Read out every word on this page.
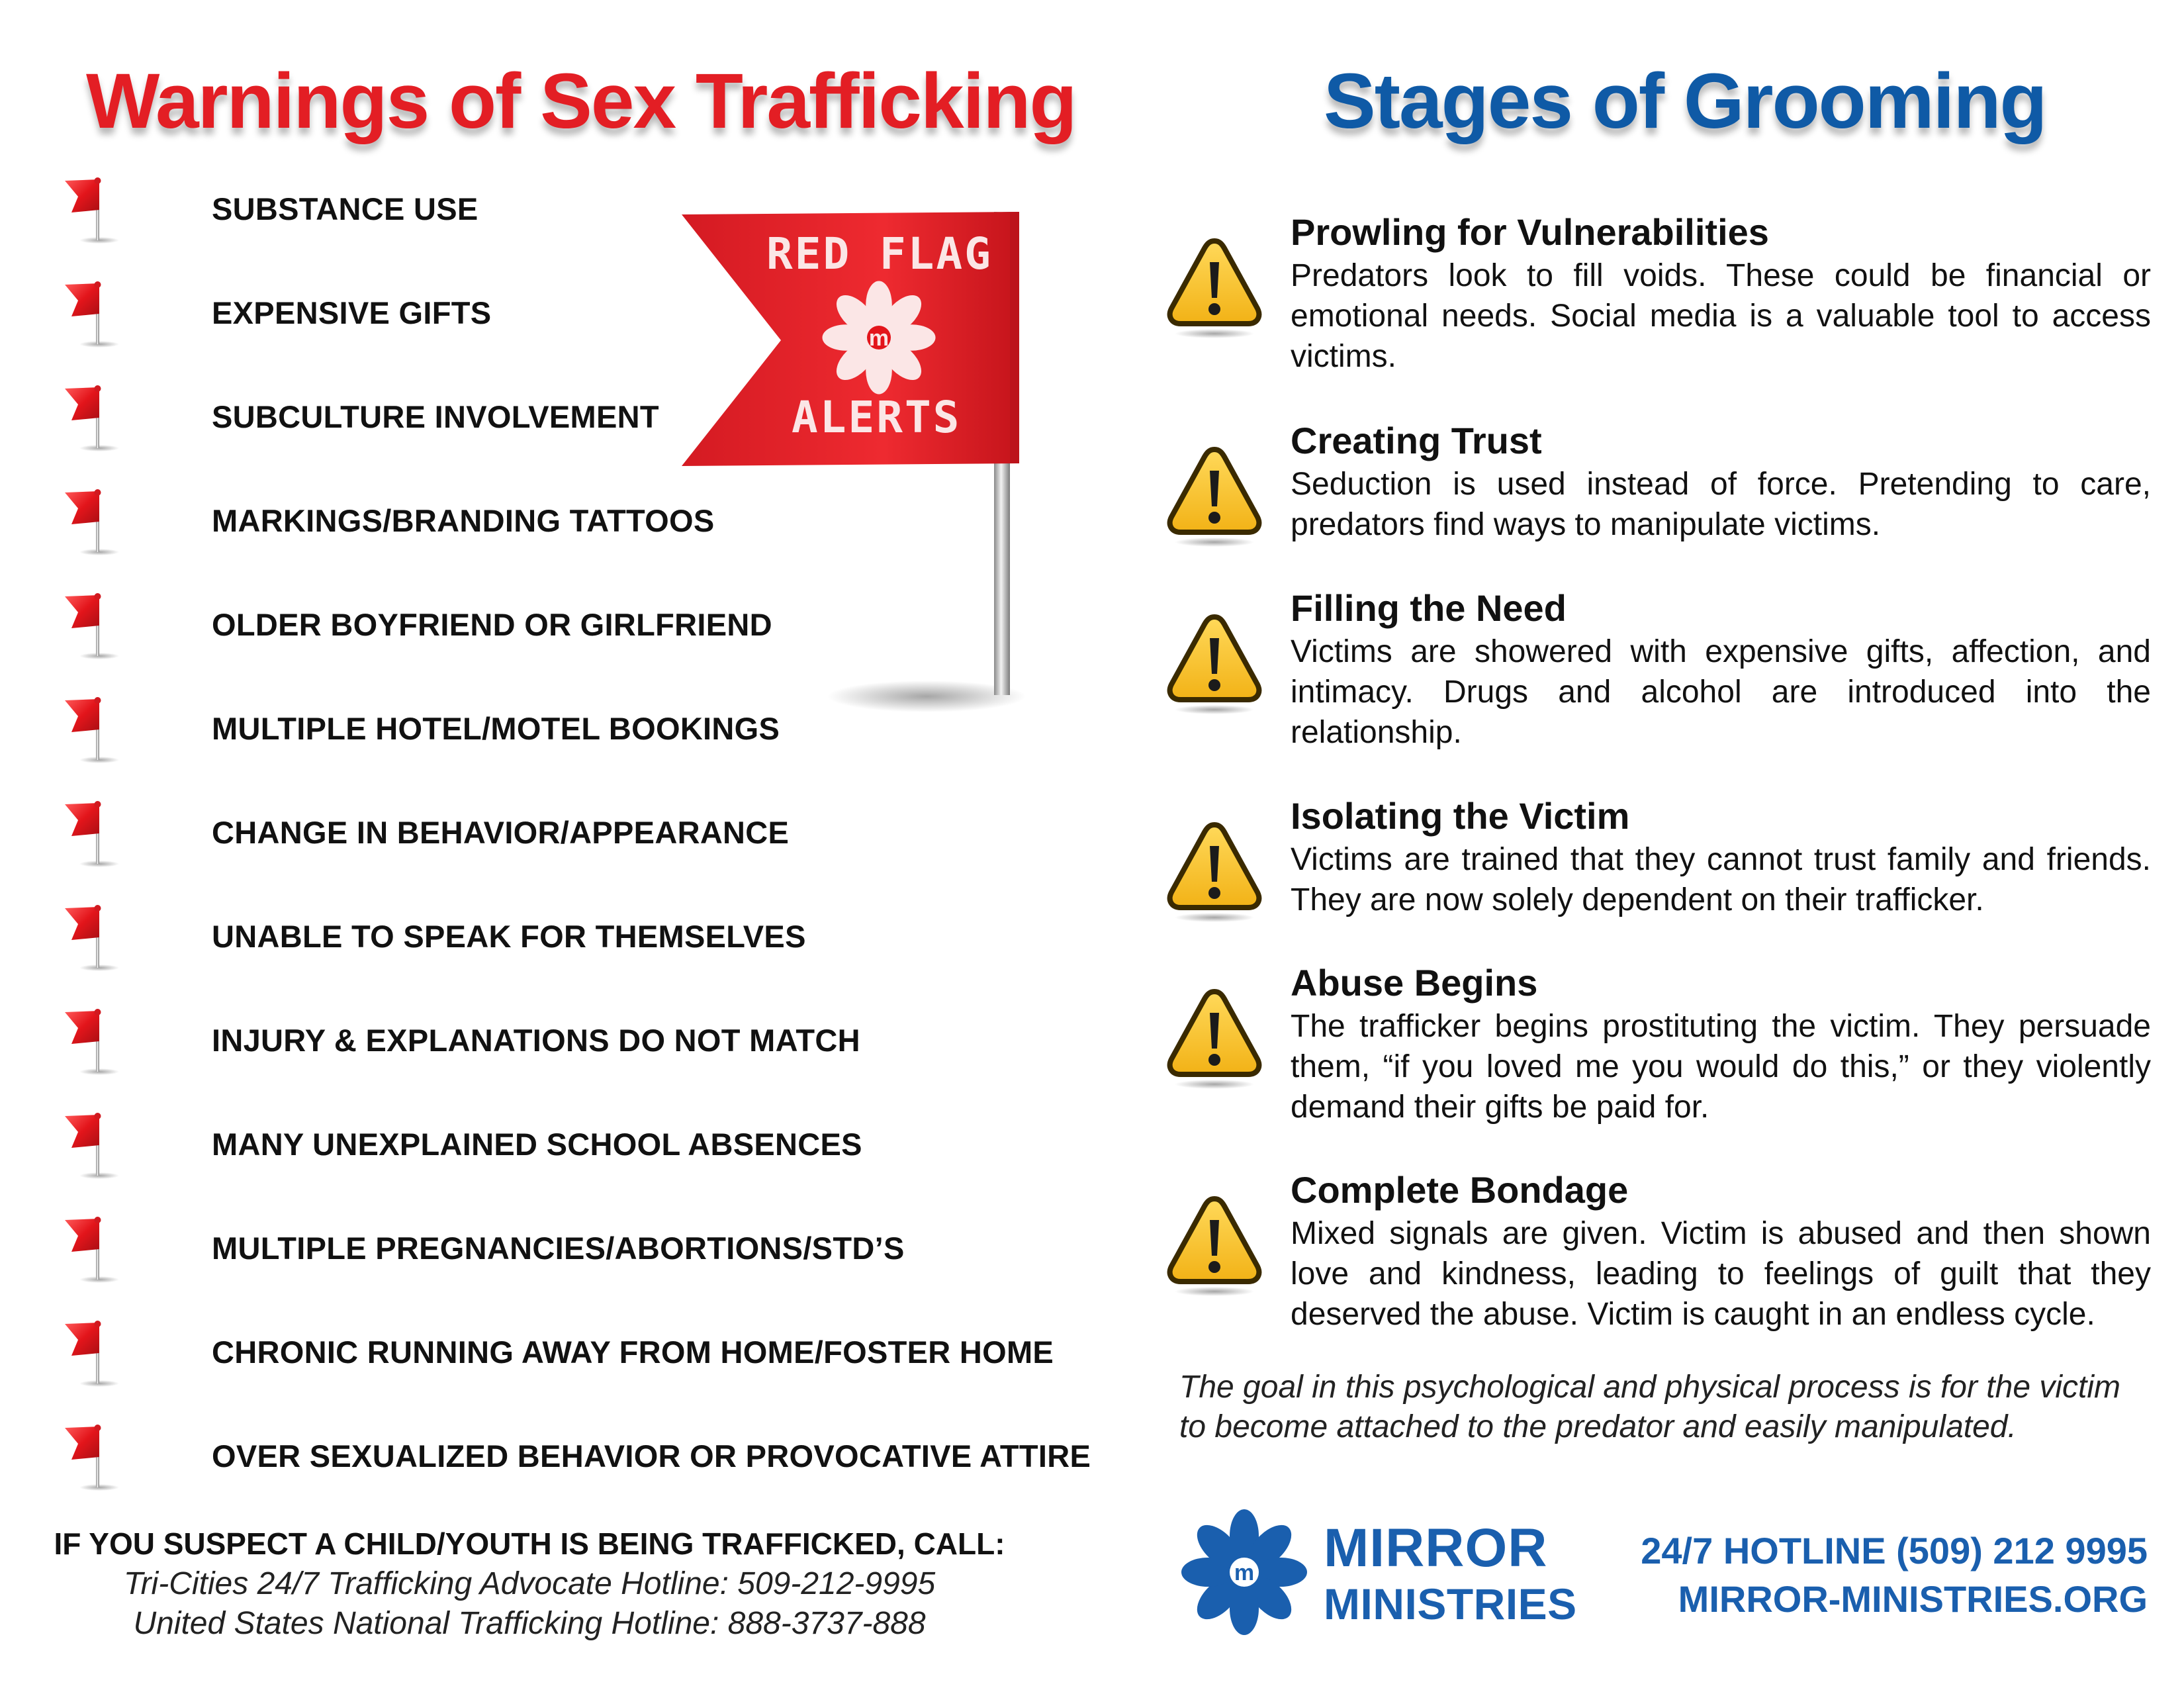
Warnings of Sex Trafficking	Stages of Grooming
SUBSTANCE USE
EXPENSIVE GIFTS
SUBCULTURE INVOLVEMENT
MARKINGS/BRANDING TATTOOS
OLDER BOYFRIEND OR GIRLFRIEND
MULTIPLE HOTEL/MOTEL BOOKINGS
CHANGE IN BEHAVIOR/APPEARANCE
UNABLE TO SPEAK FOR THEMSELVES
INJURY & EXPLANATIONS DO NOT MATCH
MANY UNEXPLAINED SCHOOL ABSENCES
MULTIPLE PREGNANCIES/ABORTIONS/STD’S
CHRONIC RUNNING AWAY FROM HOME/FOSTER HOME
OVER SEXUALIZED BEHAVIOR OR PROVOCATIVE ATTIRE
m
RED FLAG
ALERTS
IF YOU SUSPECT A CHILD/YOUTH IS BEING TRAFFICKED, CALL:
Tri-Cities 24/7 Trafficking Advocate Hotline: 509-212-9995
United States National Trafficking Hotline: 888-3737-888
Prowling for Vulnerabilities
Predators look to fill voids. These could be financial or emotional needs. Social media is a valuable tool to access victims.
Creating Trust
Seduction is used instead of force. Pretending to care, predators find ways to manipulate victims.
Filling the Need
Victims are showered with expensive gifts, affection, and intimacy. Drugs and alcohol are introduced into the relationship.
Isolating the Victim
Victims are trained that they cannot trust family and friends. They are now solely dependent on their trafficker.
Abuse Begins
The trafficker begins prostituting the victim. They persuade them, “if you loved me you would do this,” or they violently demand their gifts be paid for.
Complete Bondage
Mixed signals are given. Victim is abused and then shown love and kindness, leading to feelings of guilt that they deserved the abuse. Victim is caught in an endless cycle.
The goal in this psychological and physical process is for the victim to become attached to the predator and easily manipulated.
m MIRROR
MINISTRIES
24/7 HOTLINE (509) 212 9995
MIRROR-MINISTRIES.ORG
